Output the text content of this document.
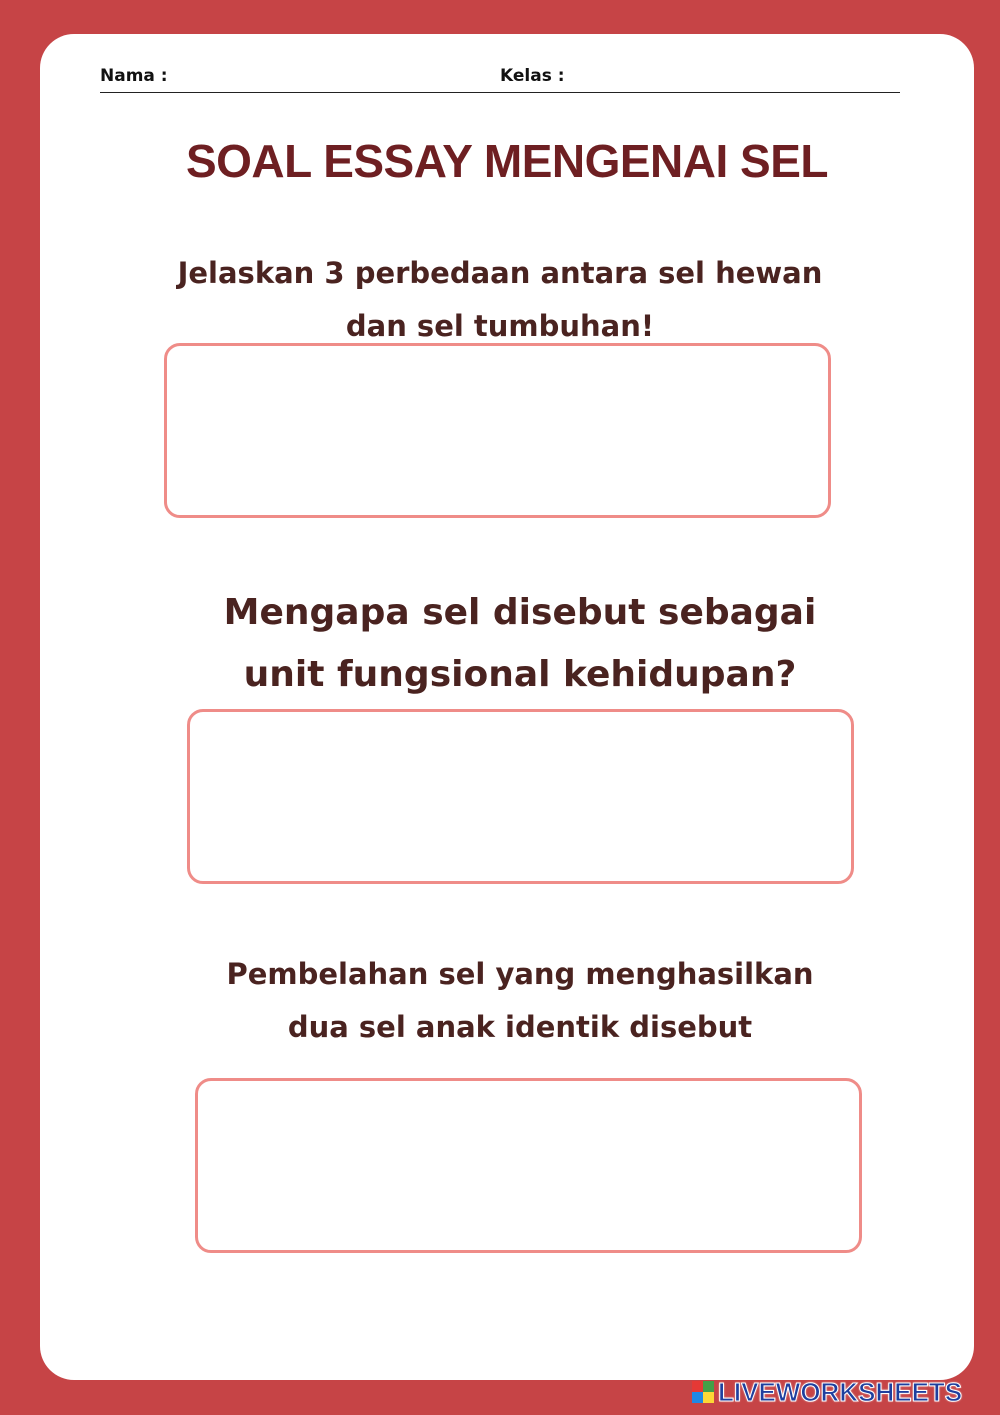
Nama :	Kelas :
SOAL ESSAY MENGENAI SEL
Jelaskan 3 perbedaan antara sel hewan
dan sel tumbuhan!
Mengapa sel disebut sebagai
unit fungsional kehidupan?
Pembelahan sel yang menghasilkan
dua sel anak identik disebut
LIVEWORKSHEETS
